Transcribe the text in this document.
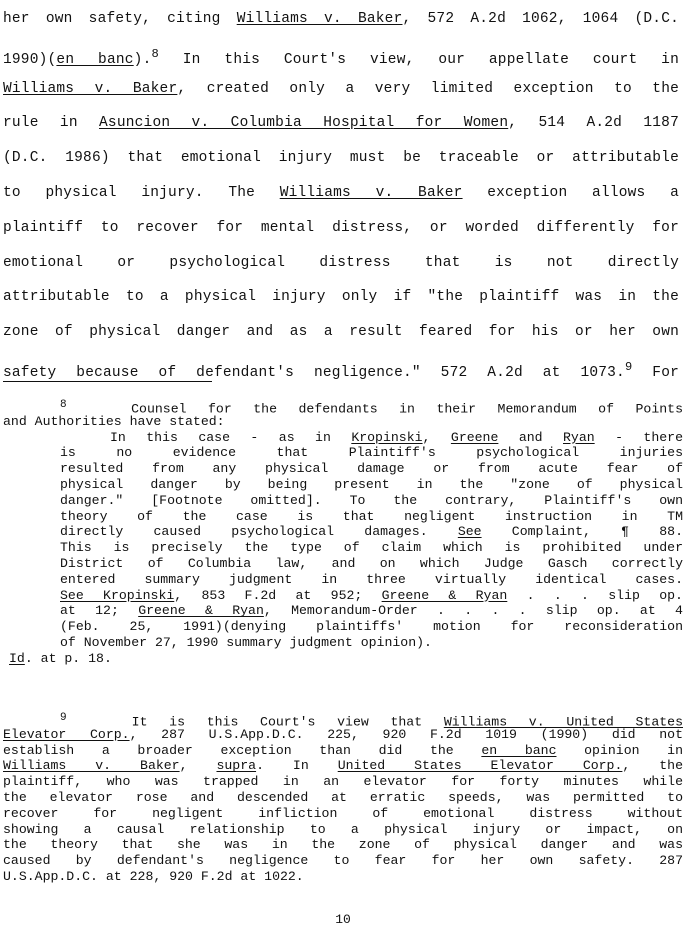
her own safety, citing Williams v. Baker, 572 A.2d 1062, 1064 (D.C.
1990)(en banc).$^8$ In this Court's view, our appellate court in
Williams v. Baker, created only a very limited exception to the
rule in Asuncion v. Columbia Hospital for Women, 514 A.2d 1187
(D.C. 1986) that emotional injury must be traceable or attributable
to physical injury. The Williams v. Baker exception allows a
plaintiff to recover for mental distress, or worded differently for
emotional or psychological distress that is not directly
attributable to a physical injury only if "the plaintiff was in the
zone of physical danger and as a result feared for his or her own
safety because of defendant's negligence." 572 A.2d at 1073.$^9$ For
$^8$	Counsel for the defendants in their Memorandum of Points
and Authorities have stated:
In this case - as in Kropinski, Greene and Ryan - there
is no evidence that Plaintiff's psychological injuries
resulted from any physical damage or from acute fear of
physical danger by being present in the "zone of physical
danger." [Footnote omitted]. To the contrary, Plaintiff's own
theory of the case is that negligent instruction in TM
directly caused psychological damages. See Complaint, ¶ 88.
This is precisely the type of claim which is prohibited under
District of Columbia law, and on which Judge Gasch correctly
entered summary judgment in three virtually identical cases.
See Kropinski, 853 F.2d at 952; Greene & Ryan . . . slip op.
at 12; Greene & Ryan, Memorandum-Order . . . . slip op. at 4
(Feb. 25, 1991)(denying plaintiffs' motion for reconsideration
of November 27, 1990 summary judgment opinion).
Id. at p. 18.
$^9$	It is this Court's view that Williams v. United States
Elevator Corp., 287 U.S.App.D.C. 225, 920 F.2d 1019 (1990) did not
establish a broader exception than did the en banc opinion in
Williams v. Baker, supra. In United States Elevator Corp., the
plaintiff, who was trapped in an elevator for forty minutes while
the elevator rose and descended at erratic speeds, was permitted to
recover for negligent infliction of emotional distress without
showing a causal relationship to a physical injury or impact, on
the theory that she was in the zone of physical danger and was
caused by defendant's negligence to fear for her own safety. 287
U.S.App.D.C. at 228, 920 F.2d at 1022.
10
